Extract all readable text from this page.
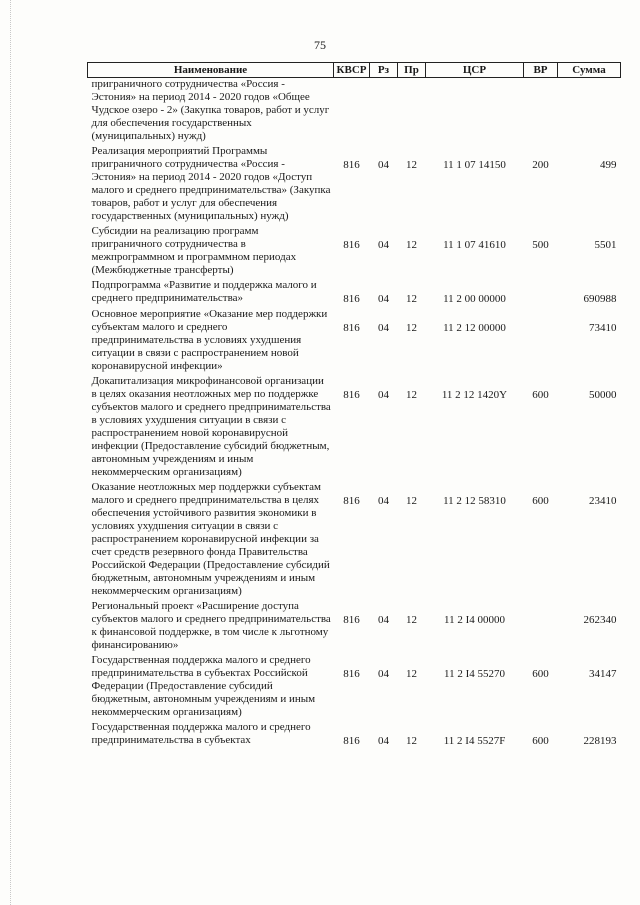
75
Наименование	КВСР	Рз	Пр	ЦСР	ВР	Сумма
приграничного сотрудничества «Россия - Эстония» на период 2014 - 2020 годов «Общее Чудское озеро - 2» (Закупка товаров, работ и услуг для обеспечения государственных (муниципальных) нужд)						
Реализация мероприятий Программы приграничного сотрудничества «Россия - Эстония» на период 2014 - 2020 годов «Доступ малого и среднего предпринимательства» (Закупка товаров, работ и услуг для обеспечения государственных (муниципальных) нужд)	816	04	12	11 1 07 14150	200	499
Субсидии на реализацию программ приграничного сотрудничества в межпрограммном и программном периодах (Межбюджетные трансферты)	816	04	12	11 1 07 41610	500	5501
Подпрограмма «Развитие и поддержка малого и среднего предпринимательства»	816	04	12	11 2 00 00000		690988
Основное мероприятие «Оказание мер поддержки субъектам малого и среднего предпринимательства в условиях ухудшения ситуации в связи с распространением новой коронавирусной инфекции»	816	04	12	11 2 12 00000		73410
Докапитализация микрофинансовой организации в целях оказания неотложных мер по поддержке субъектов малого и среднего предпринимательства в условиях ухудшения ситуации в связи с распространением новой коронавирусной инфекции (Предоставление субсидий бюджетным, автономным учреждениям и иным некоммерческим организациям)	816	04	12	11 2 12 1420Y	600	50000
Оказание неотложных мер поддержки субъектам малого и среднего предпринимательства в целях обеспечения устойчивого развития экономики в условиях ухудшения ситуации в связи с распространением коронавирусной инфекции за счет средств резервного фонда Правительства Российской Федерации (Предоставление субсидий бюджетным, автономным учреждениям и иным некоммерческим организациям)	816	04	12	11 2 12 58310	600	23410
Региональный проект «Расширение доступа субъектов малого и среднего предпринимательства к финансовой поддержке, в том числе к льготному финансированию»	816	04	12	11 2 I4 00000		262340
Государственная поддержка малого и среднего предпринимательства в субъектах Российской Федерации (Предоставление субсидий бюджетным, автономным учреждениям и иным некоммерческим организациям)	816	04	12	11 2 I4 55270	600	34147
Государственная поддержка малого и среднего предпринимательства в субъектах	816	04	12	11 2 I4 5527F	600	228193
